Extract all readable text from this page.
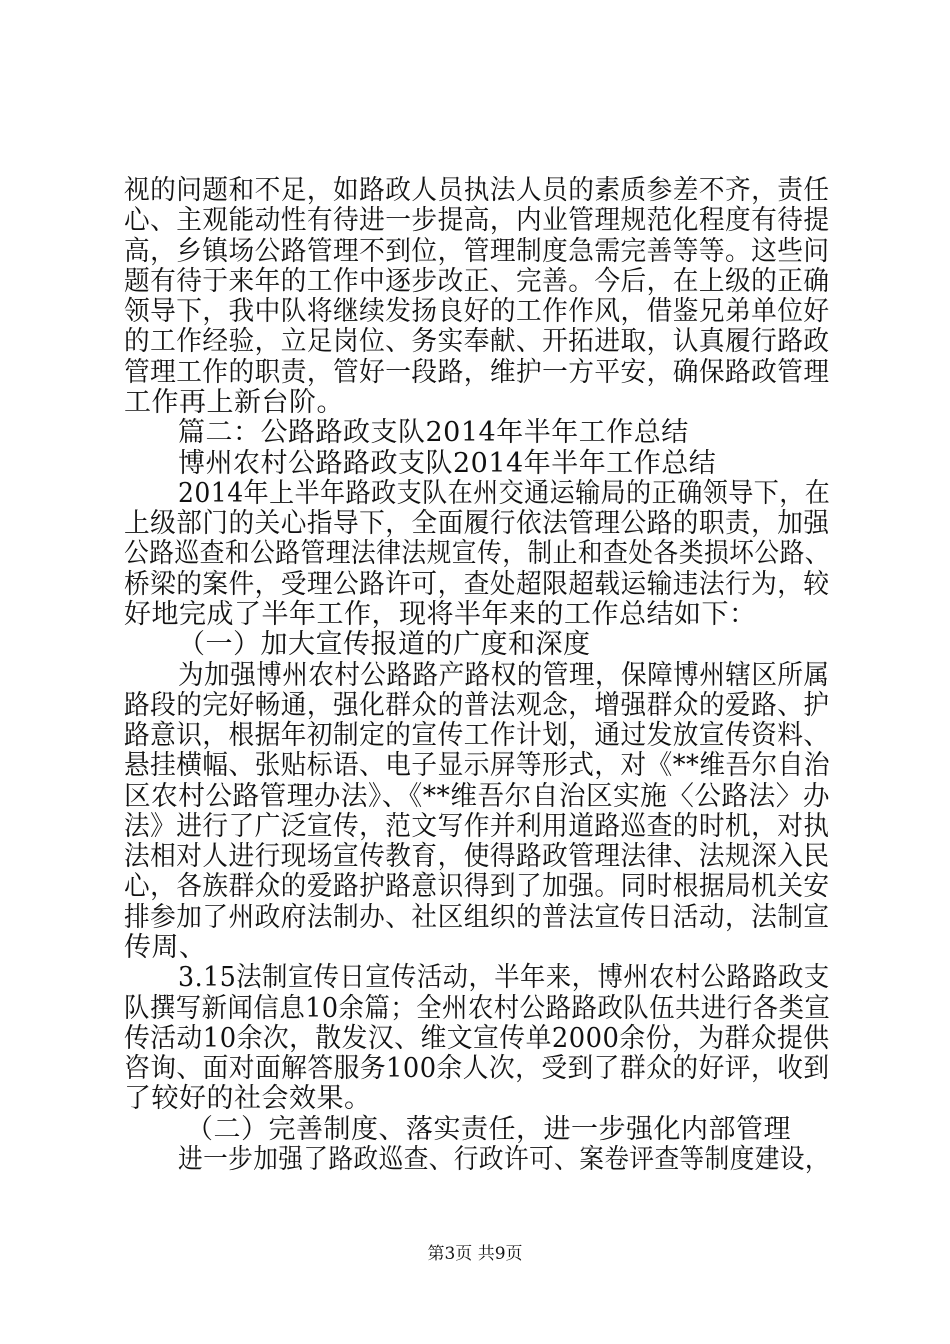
视的问题和不足，如路政人员执法人员的素质参差不齐，责任
心、主观能动性有待进一步提高，内业管理规范化程度有待提
高，乡镇场公路管理不到位，管理制度急需完善等等。这些问
题有待于来年的工作中逐步改正、完善。今后，在上级的正确
领导下，我中队将继续发扬良好的工作作风，借鉴兄弟单位好
的工作经验，立足岗位、务实奉献、开拓进取，认真履行路政
管理工作的职责，管好一段路，维护一方平安，确保路政管理
工作再上新台阶。
篇二：公路路政支队2014年半年工作总结
博州农村公路路政支队2014年半年工作总结
2014年上半年路政支队在州交通运输局的正确领导下，在
上级部门的关心指导下，全面履行依法管理公路的职责，加强
公路巡查和公路管理法律法规宣传，制止和查处各类损坏公路、
桥梁的案件，受理公路许可，查处超限超载运输违法行为，较
好地完成了半年工作，现将半年来的工作总结如下：
（一）加大宣传报道的广度和深度
为加强博州农村公路路产路权的管理，保障博州辖区所属
路段的完好畅通，强化群众的普法观念，增强群众的爱路、护
路意识，根据年初制定的宣传工作计划，通过发放宣传资料、
悬挂横幅、张贴标语、电子显示屏等形式，对《**维吾尔自治
区农村公路管理办法》、《**维吾尔自治区实施〈公路法〉办
法》进行了广泛宣传，范文写作并利用道路巡查的时机，对执
法相对人进行现场宣传教育，使得路政管理法律、法规深入民
心，各族群众的爱路护路意识得到了加强。同时根据局机关安
排参加了州政府法制办、社区组织的普法宣传日活动，法制宣
传周、
3.15法制宣传日宣传活动，半年来，博州农村公路路政支
队撰写新闻信息10余篇；全州农村公路路政队伍共进行各类宣
传活动10余次，散发汉、维文宣传单2000余份，为群众提供
咨询、面对面解答服务100余人次，受到了群众的好评，收到
了较好的社会效果。
（二）完善制度、落实责任，进一步强化内部管理
进一步加强了路政巡查、行政许可、案卷评查等制度建设，
第3页 共9页
